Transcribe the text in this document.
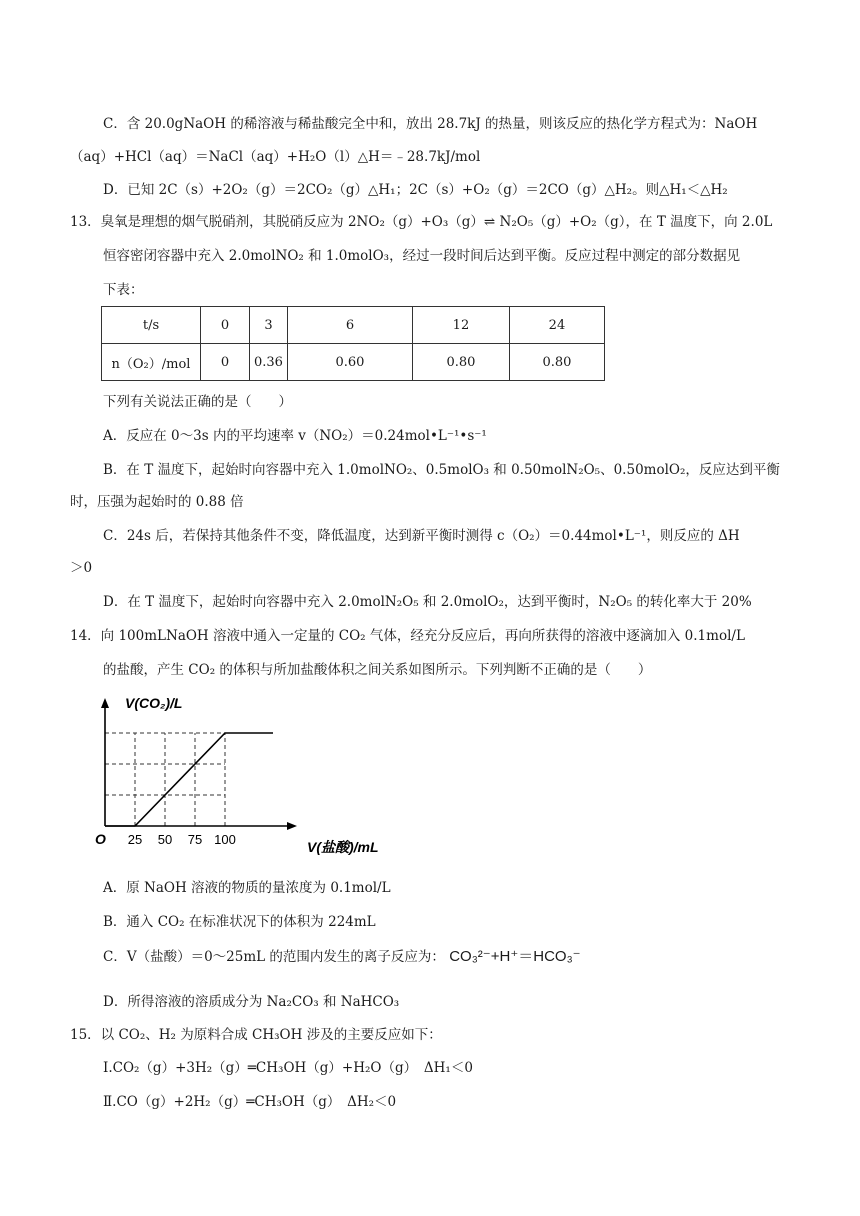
C．含 20.0gNaOH 的稀溶液与稀盐酸完全中和，放出 28.7kJ 的热量，则该反应的热化学方程式为：NaOH
（aq）+HCl（aq）＝NaCl（aq）+H₂O（l）△H＝﹣28.7kJ/mol
D．已知 2C（s）+2O₂（g）＝2CO₂（g）△H₁；2C（s）+O₂（g）＝2CO（g）△H₂。则△H₁＜△H₂
13．臭氧是理想的烟气脱硝剂，其脱硝反应为 2NO₂（g）+O₃（g）⇌ N₂O₅（g）+O₂（g），在 T 温度下，向 2.0L
恒容密闭容器中充入 2.0molNO₂ 和 1.0molO₃，经过一段时间后达到平衡。反应过程中测定的部分数据见
下表：
t/s	0	3	6	12	24
n（O₂）/mol	0	0.36	0.60	0.80	0.80
下列有关说法正确的是（　　）
A．反应在 0～3s 内的平均速率 v（NO₂）＝0.24mol•L⁻¹•s⁻¹
B．在 T 温度下，起始时向容器中充入 1.0molNO₂、0.5molO₃ 和 0.50molN₂O₅、0.50molO₂，反应达到平衡
时，压强为起始时的 0.88 倍
C．24s 后，若保持其他条件不变，降低温度，达到新平衡时测得 c（O₂）＝0.44mol•L⁻¹，则反应的 ΔH
＞0
D．在 T 温度下，起始时向容器中充入 2.0molN₂O₅ 和 2.0molO₂，达到平衡时，N₂O₅ 的转化率大于 20%
14．向 100mLNaOH 溶液中通入一定量的 CO₂ 气体，经充分反应后，再向所获得的溶液中逐滴加入 0.1mol/L
的盐酸，产生 CO₂ 的体积与所加盐酸体积之间关系如图所示。下列判断不正确的是（　　）
25 50 75 100
V(CO₂)/L
V(盐酸)/mL
O
A．原 NaOH 溶液的物质的量浓度为 0.1mol/L
B．通入 CO₂ 在标准状况下的体积为 224mL
C．V（盐酸）＝0～25mL 的范围内发生的离子反应为： CO₃²⁻+H⁺＝HCO₃⁻
D．所得溶液的溶质成分为 Na₂CO₃ 和 NaHCO₃
15．以 CO₂、H₂ 为原料合成 CH₃OH 涉及的主要反应如下：
Ⅰ.CO₂（g）+3H₂（g）═CH₃OH（g）+H₂O（g）　ΔH₁＜0
Ⅱ.CO（g）+2H₂（g）═CH₃OH（g）　ΔH₂＜0
